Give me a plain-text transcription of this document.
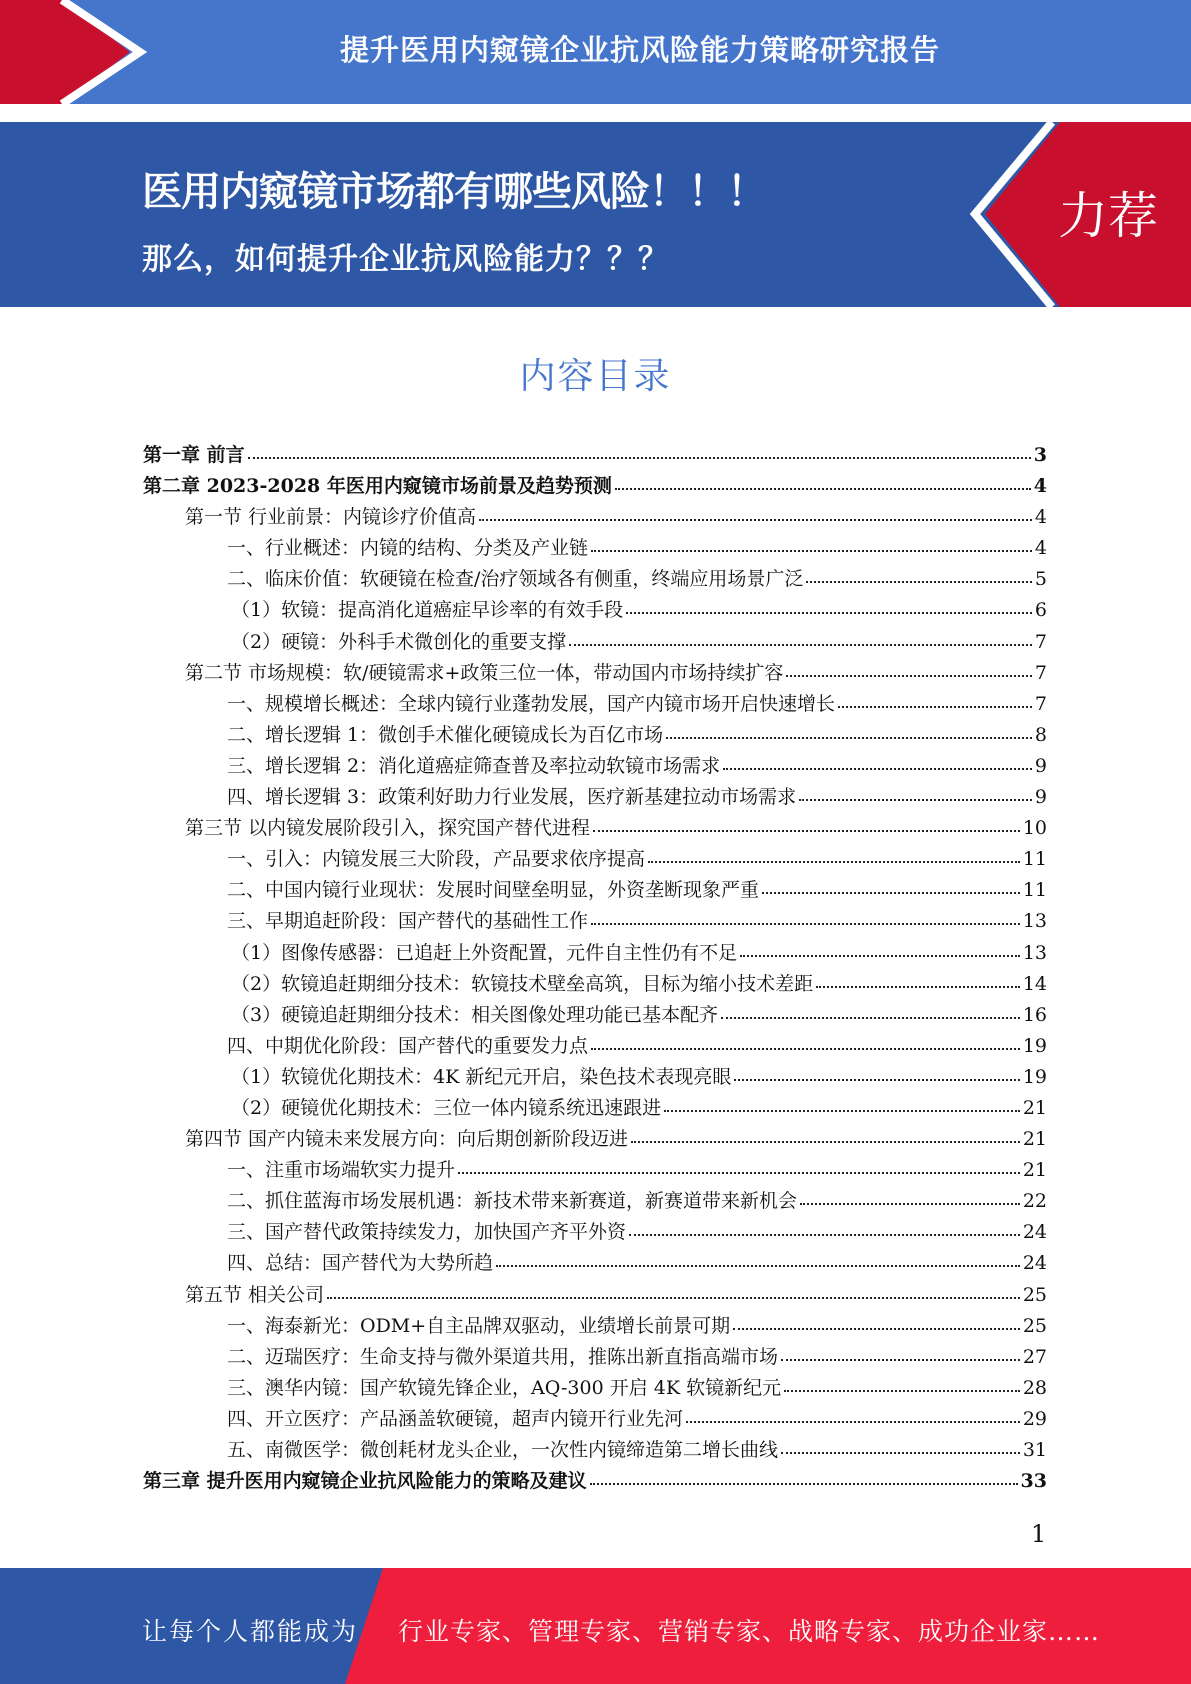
提升医用内窥镜企业抗风险能力策略研究报告
医用内窥镜市场都有哪些风险！！！
那么，如何提升企业抗风险能力？？？
力荐
内容目录
第一章 前言	3
第二章 2023-2028 年医用内窥镜市场前景及趋势预测	4
第一节 行业前景：内镜诊疗价值高	4
一、行业概述：内镜的结构、分类及产业链	4
二、临床价值：软硬镜在检查/治疗领域各有侧重，终端应用场景广泛	5
（1）软镜：提高消化道癌症早诊率的有效手段	6
（2）硬镜：外科手术微创化的重要支撑	7
第二节 市场规模：软/硬镜需求+政策三位一体，带动国内市场持续扩容	7
一、规模增长概述：全球内镜行业蓬勃发展，国产内镜市场开启快速增长	7
二、增长逻辑 1：微创手术催化硬镜成长为百亿市场	8
三、增长逻辑 2：消化道癌症筛查普及率拉动软镜市场需求	9
四、增长逻辑 3：政策利好助力行业发展，医疗新基建拉动市场需求	9
第三节 以内镜发展阶段引入，探究国产替代进程	10
一、引入：内镜发展三大阶段，产品要求依序提高	11
二、中国内镜行业现状：发展时间壁垒明显，外资垄断现象严重	11
三、早期追赶阶段：国产替代的基础性工作	13
（1）图像传感器：已追赶上外资配置，元件自主性仍有不足	13
（2）软镜追赶期细分技术：软镜技术壁垒高筑，目标为缩小技术差距	14
（3）硬镜追赶期细分技术：相关图像处理功能已基本配齐	16
四、中期优化阶段：国产替代的重要发力点	19
（1）软镜优化期技术：4K 新纪元开启，染色技术表现亮眼	19
（2）硬镜优化期技术：三位一体内镜系统迅速跟进	21
第四节 国产内镜未来发展方向：向后期创新阶段迈进	21
一、注重市场端软实力提升	21
二、抓住蓝海市场发展机遇：新技术带来新赛道，新赛道带来新机会	22
三、国产替代政策持续发力，加快国产齐平外资	24
四、总结：国产替代为大势所趋	24
第五节 相关公司	25
一、海泰新光：ODM+自主品牌双驱动，业绩增长前景可期	25
二、迈瑞医疗：生命支持与微外渠道共用，推陈出新直指高端市场	27
三、澳华内镜：国产软镜先锋企业，AQ-300 开启 4K 软镜新纪元	28
四、开立医疗：产品涵盖软硬镜，超声内镜开行业先河	29
五、南微医学：微创耗材龙头企业，一次性内镜缔造第二增长曲线	31
第三章 提升医用内窥镜企业抗风险能力的策略及建议	33
1
让每个人都能成为 行业专家、管理专家、营销专家、战略专家、成功企业家……
